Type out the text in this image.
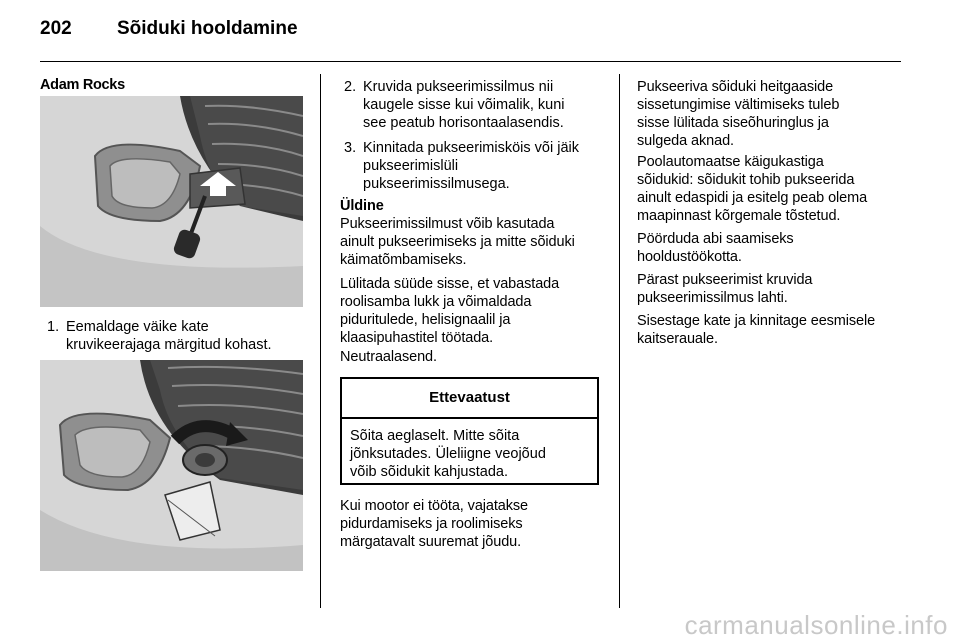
202 Sõiduki hooldamine
Adam Rocks
1. Eemaldage väike kate
kruvikeerajaga märgitud kohast.
2. Kruvida pukseerimissilmus nii
kaugele sisse kui võimalik, kuni
see peatub horisontaalasendis.
3. Kinnitada pukseerimisköis või jäik
pukseerimislüli
pukseerimissilmusega.
Üldine
Pukseerimissilmust võib kasutada
ainult pukseerimiseks ja mitte sõiduki
käimatõmbamiseks.
Lülitada süüde sisse, et vabastada
roolisamba lukk ja võimaldada
piduritulede, helisignaalil ja
klaasipuhastitel töötada.
Neutraalasend.
Ettevaatust
Sõita aeglaselt. Mitte sõita
jõnksutades. Üleliigne veojõud
võib sõidukit kahjustada.
Kui mootor ei tööta, vajatakse
pidurdamiseks ja roolimiseks
märgatavalt suuremat jõudu.
Pukseeriva sõiduki heitgaaside
sissetungimise vältimiseks tuleb
sisse lülitada siseõhuringlus ja
sulgeda aknad.
Poolautomaatse käigukastiga
sõidukid: sõidukit tohib pukseerida
ainult edaspidi ja esitelg peab olema
maapinnast kõrgemale tõstetud.
Pöörduda abi saamiseks
hooldustöökotta.
Pärast pukseerimist kruvida
pukseerimissilmus lahti.
Sisestage kate ja kinnitage eesmisele
kaitserauale.
carmanualsonline.info
